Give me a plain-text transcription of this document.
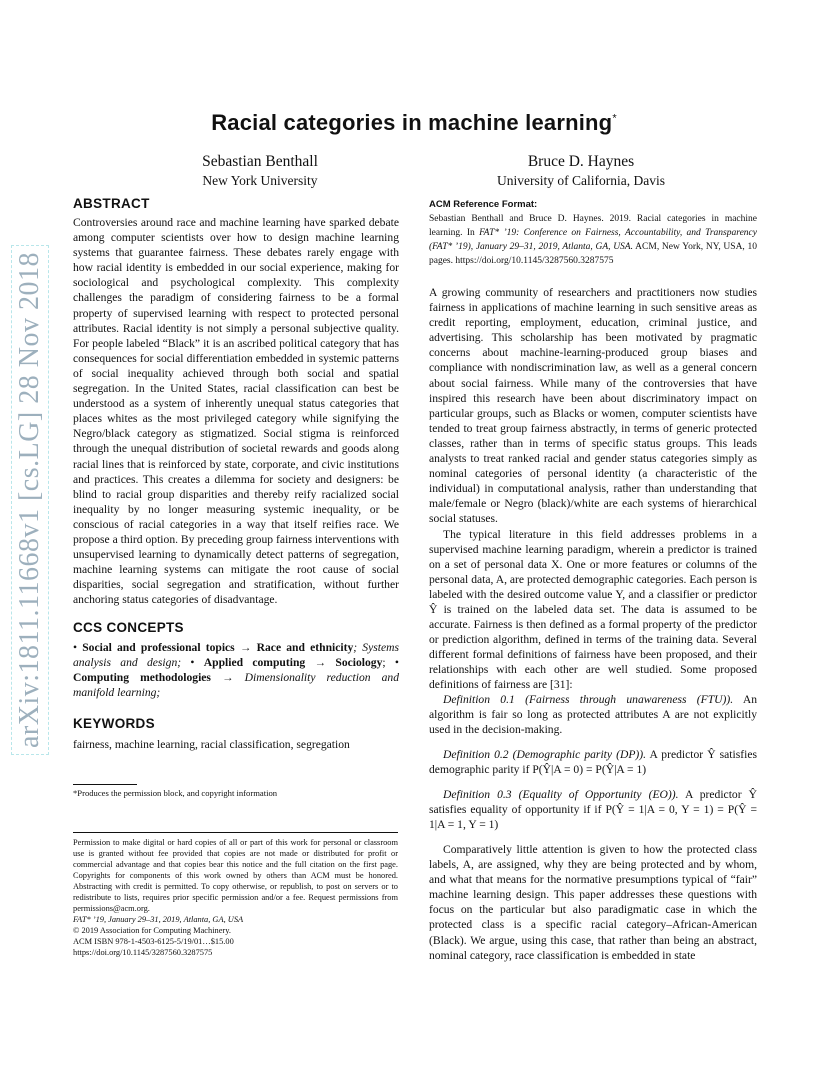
arXiv:1811.11668v1 [cs.LG] 28 Nov 2018
Racial categories in machine learning*
Sebastian Benthall
New York University
Bruce D. Haynes
University of California, Davis
ABSTRACT

Controversies around race and machine learning have sparked debate among computer scientists over how to design machine learning systems that guarantee fairness. These debates rarely engage with how racial identity is embedded in our social experience, making for sociological and psychological complexity. This complexity challenges the paradigm of considering fairness to be a formal property of supervised learning with respect to protected personal attributes. Racial identity is not simply a personal subjective quality. For people labeled “Black” it is an ascribed political category that has consequences for social differentiation embedded in systemic patterns of social inequality achieved through both social and spatial segregation. In the United States, racial classification can best be understood as a system of inherently unequal status categories that places whites as the most privileged category while signifying the Negro/black category as stigmatized. Social stigma is reinforced through the unequal distribution of societal rewards and goods along racial lines that is reinforced by state, corporate, and civic institutions and practices. This creates a dilemma for society and designers: be blind to racial group disparities and thereby reify racialized social inequality by no longer measuring systemic inequality, or be conscious of racial categories in a way that itself reifies race. We propose a third option. By preceding group fairness interventions with unsupervised learning to dynamically detect patterns of segregation, machine learning systems can mitigate the root cause of social disparities, social segregation and stratification, without further anchoring status categories of disadvantage.

CCS CONCEPTS

• Social and professional topics → Race and ethnicity; Systems analysis and design; • Applied computing → Sociology; • Computing methodologies → Dimensionality reduction and manifold learning;

KEYWORDS
fairness, machine learning, racial classification, segregation
*Produces the permission block, and copyright information

Permission to make digital or hard copies of all or part of this work for personal or classroom use is granted without fee provided that copies are not made or distributed for profit or commercial advantage and that copies bear this notice and the full citation on the first page. Copyrights for components of this work owned by others than ACM must be honored. Abstracting with credit is permitted. To copy otherwise, or republish, to post on servers or to redistribute to lists, requires prior specific permission and/or a fee. Request permissions from permissions@acm.org.

FAT* ’19, January 29–31, 2019, Atlanta, GA, USA

© 2019 Association for Computing Machinery.

ACM ISBN 978-1-4503-6125-5/19/01…$15.00

https://doi.org/10.1145/3287560.3287575

ACM Reference Format:
Sebastian Benthall and Bruce D. Haynes. 2019. Racial categories in machine learning. In FAT* ’19: Conference on Fairness, Accountability, and Transparency (FAT* ’19), January 29–31, 2019, Atlanta, GA, USA. ACM, New York, NY, USA, 10 pages. https://doi.org/10.1145/3287560.3287575

A growing community of researchers and practitioners now studies fairness in applications of machine learning in such sensitive areas as credit reporting, employment, education, criminal justice, and advertising. This scholarship has been motivated by pragmatic concerns about machine-learning-produced group biases and compliance with nondiscrimination law, as well as a general concern about social fairness. While many of the controversies that have inspired this research have been about discriminatory impact on particular groups, such as Blacks or women, computer scientists have tended to treat group fairness abstractly, in terms of generic protected classes, rather than in terms of specific status groups. This leads analysts to treat ranked racial and gender status categories simply as nominal categories of personal identity (a characteristic of the individual) in computational analysis, rather than understanding that male/female or Negro (black)/white are each systems of hierarchical social statuses.

The typical literature in this field addresses problems in a supervised machine learning paradigm, wherein a predictor is trained on a set of personal data X. One or more features or columns of the personal data, A, are protected demographic categories. Each person is labeled with the desired outcome value Y, and a classifier or predictor Ŷ is trained on the labeled data set. The data is assumed to be accurate. Fairness is then defined as a formal property of the predictor or prediction algorithm, defined in terms of the training data. Several different formal definitions of fairness have been proposed, and their relationships with each other are well studied. Some proposed definitions of fairness are [31]:

Definition 0.1 (Fairness through unawareness (FTU)). An algorithm is fair so long as protected attributes A are not explicitly used in the decision-making.

Definition 0.2 (Demographic parity (DP)). A predictor Ŷ satisfies demographic parity if P(Ŷ|A = 0) = P(Ŷ|A = 1)

Definition 0.3 (Equality of Opportunity (EO)). A predictor Ŷ satisfies equality of opportunity if if P(Ŷ = 1|A = 0, Y = 1) = P(Ŷ = 1|A = 1, Y = 1)

Comparatively little attention is given to how the protected class labels, A, are assigned, why they are being protected and by whom, and what that means for the normative presumptions typical of “fair” machine learning design. This paper addresses these questions with focus on the particular but also paradigmatic case in which the protected class is a specific racial category–African-American (Black). We argue, using this case, that rather than being an abstract, nominal category, race classification is embedded in state
